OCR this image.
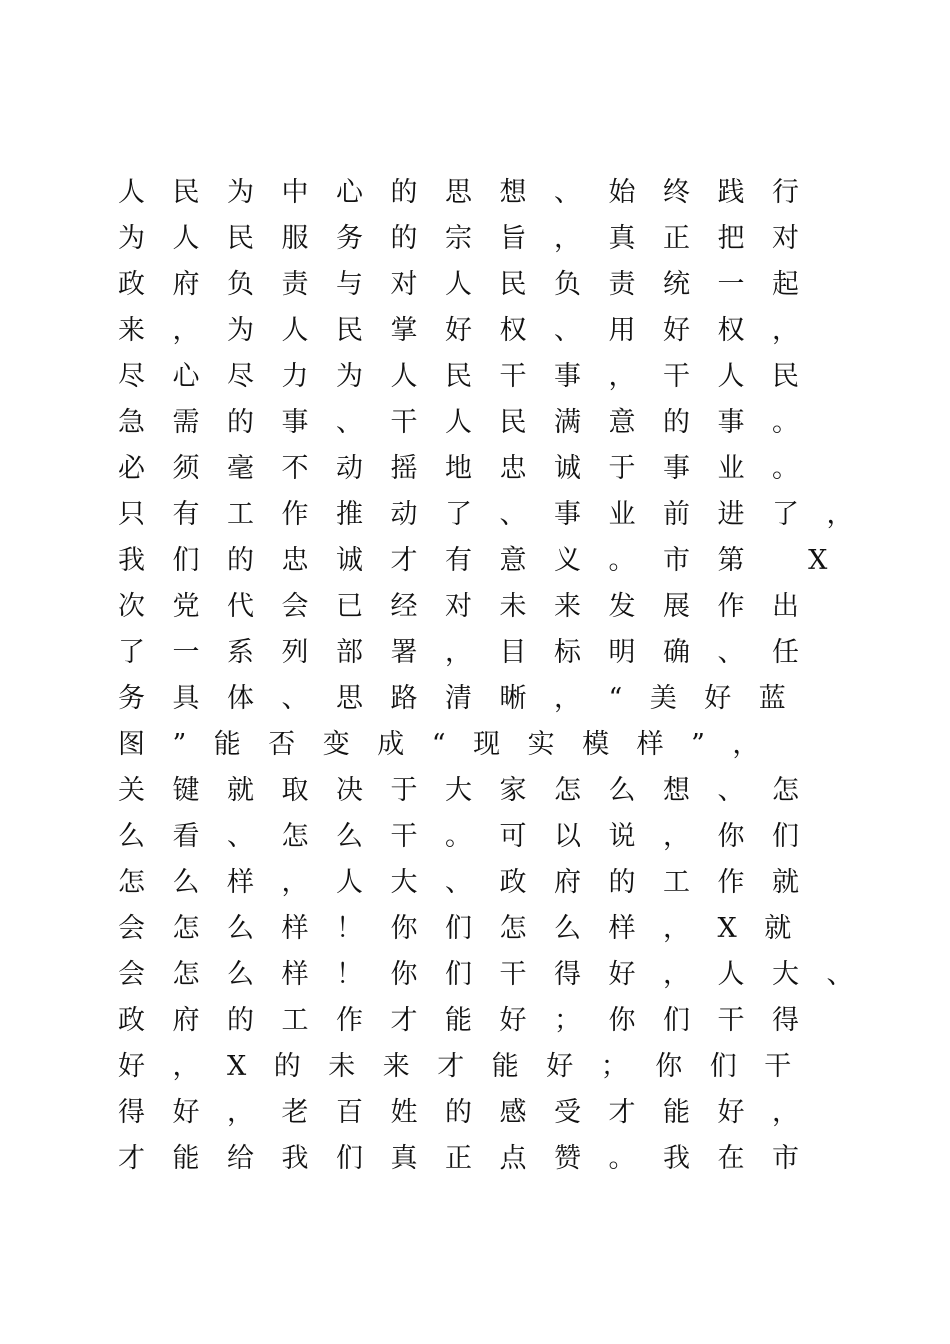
人民为中心的思想、始终践行
为人民服务的宗旨，真正把对
政府负责与对人民负责统一起
来，为人民掌好权、用好权，
尽心尽力为人民干事，干人民
急需的事、干人民满意的事。
必须毫不动摇地忠诚于事业。
只有工作推动了、事业前进了，
我们的忠诚才有意义。市第 X
次党代会已经对未来发展作出
了一系列部署，目标明确、任
务具体、思路清晰，“美好蓝
图”能否变成“现实模样”，
关键就取决于大家怎么想、怎
么看、怎么干。可以说，你们
怎么样，人大、政府的工作就
会怎么样！你们怎么样，X就
会怎么样！你们干得好，人大、
政府的工作才能好；你们干得
好，X的未来才能好；你们干
得好，老百姓的感受才能好，
才能给我们真正点赞。我在市
